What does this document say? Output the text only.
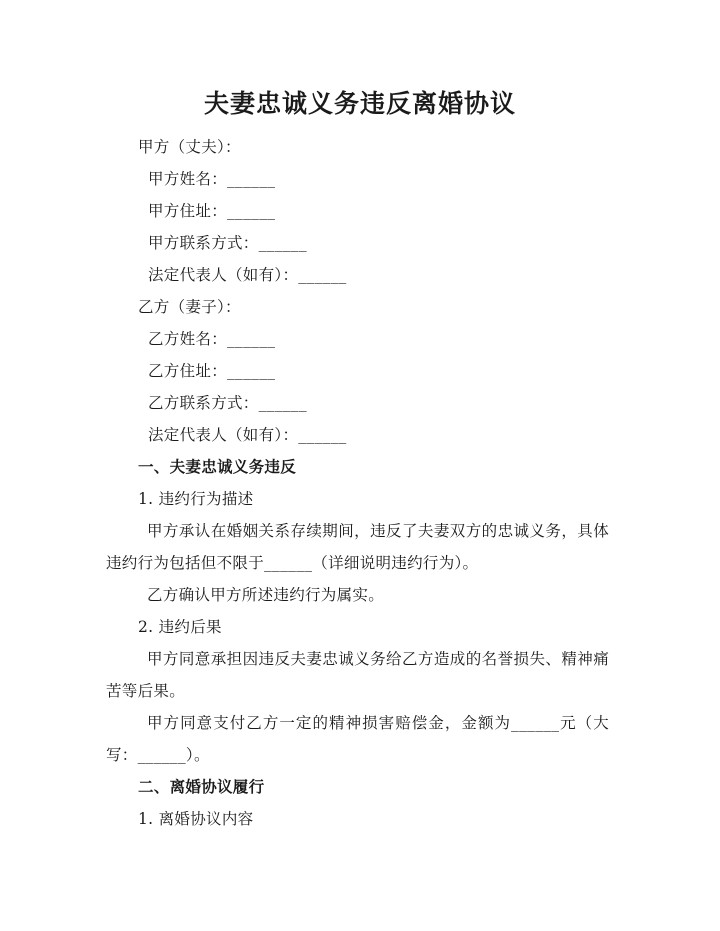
夫妻忠诚义务违反离婚协议
甲方（丈夫）：
甲方姓名：______
甲方住址：______
甲方联系方式：______
法定代表人（如有）：______
乙方（妻子）：
乙方姓名：______
乙方住址：______
乙方联系方式：______
法定代表人（如有）：______
一、夫妻忠诚义务违反
1. 违约行为描述
甲方承认在婚姻关系存续期间，违反了夫妻双方的忠诚义务，具体违约行为包括但不限于______（详细说明违约行为）。
乙方确认甲方所述违约行为属实。
2. 违约后果
甲方同意承担因违反夫妻忠诚义务给乙方造成的名誉损失、精神痛苦等后果。
甲方同意支付乙方一定的精神损害赔偿金，金额为______元（大写：______）。
二、离婚协议履行
1. 离婚协议内容
